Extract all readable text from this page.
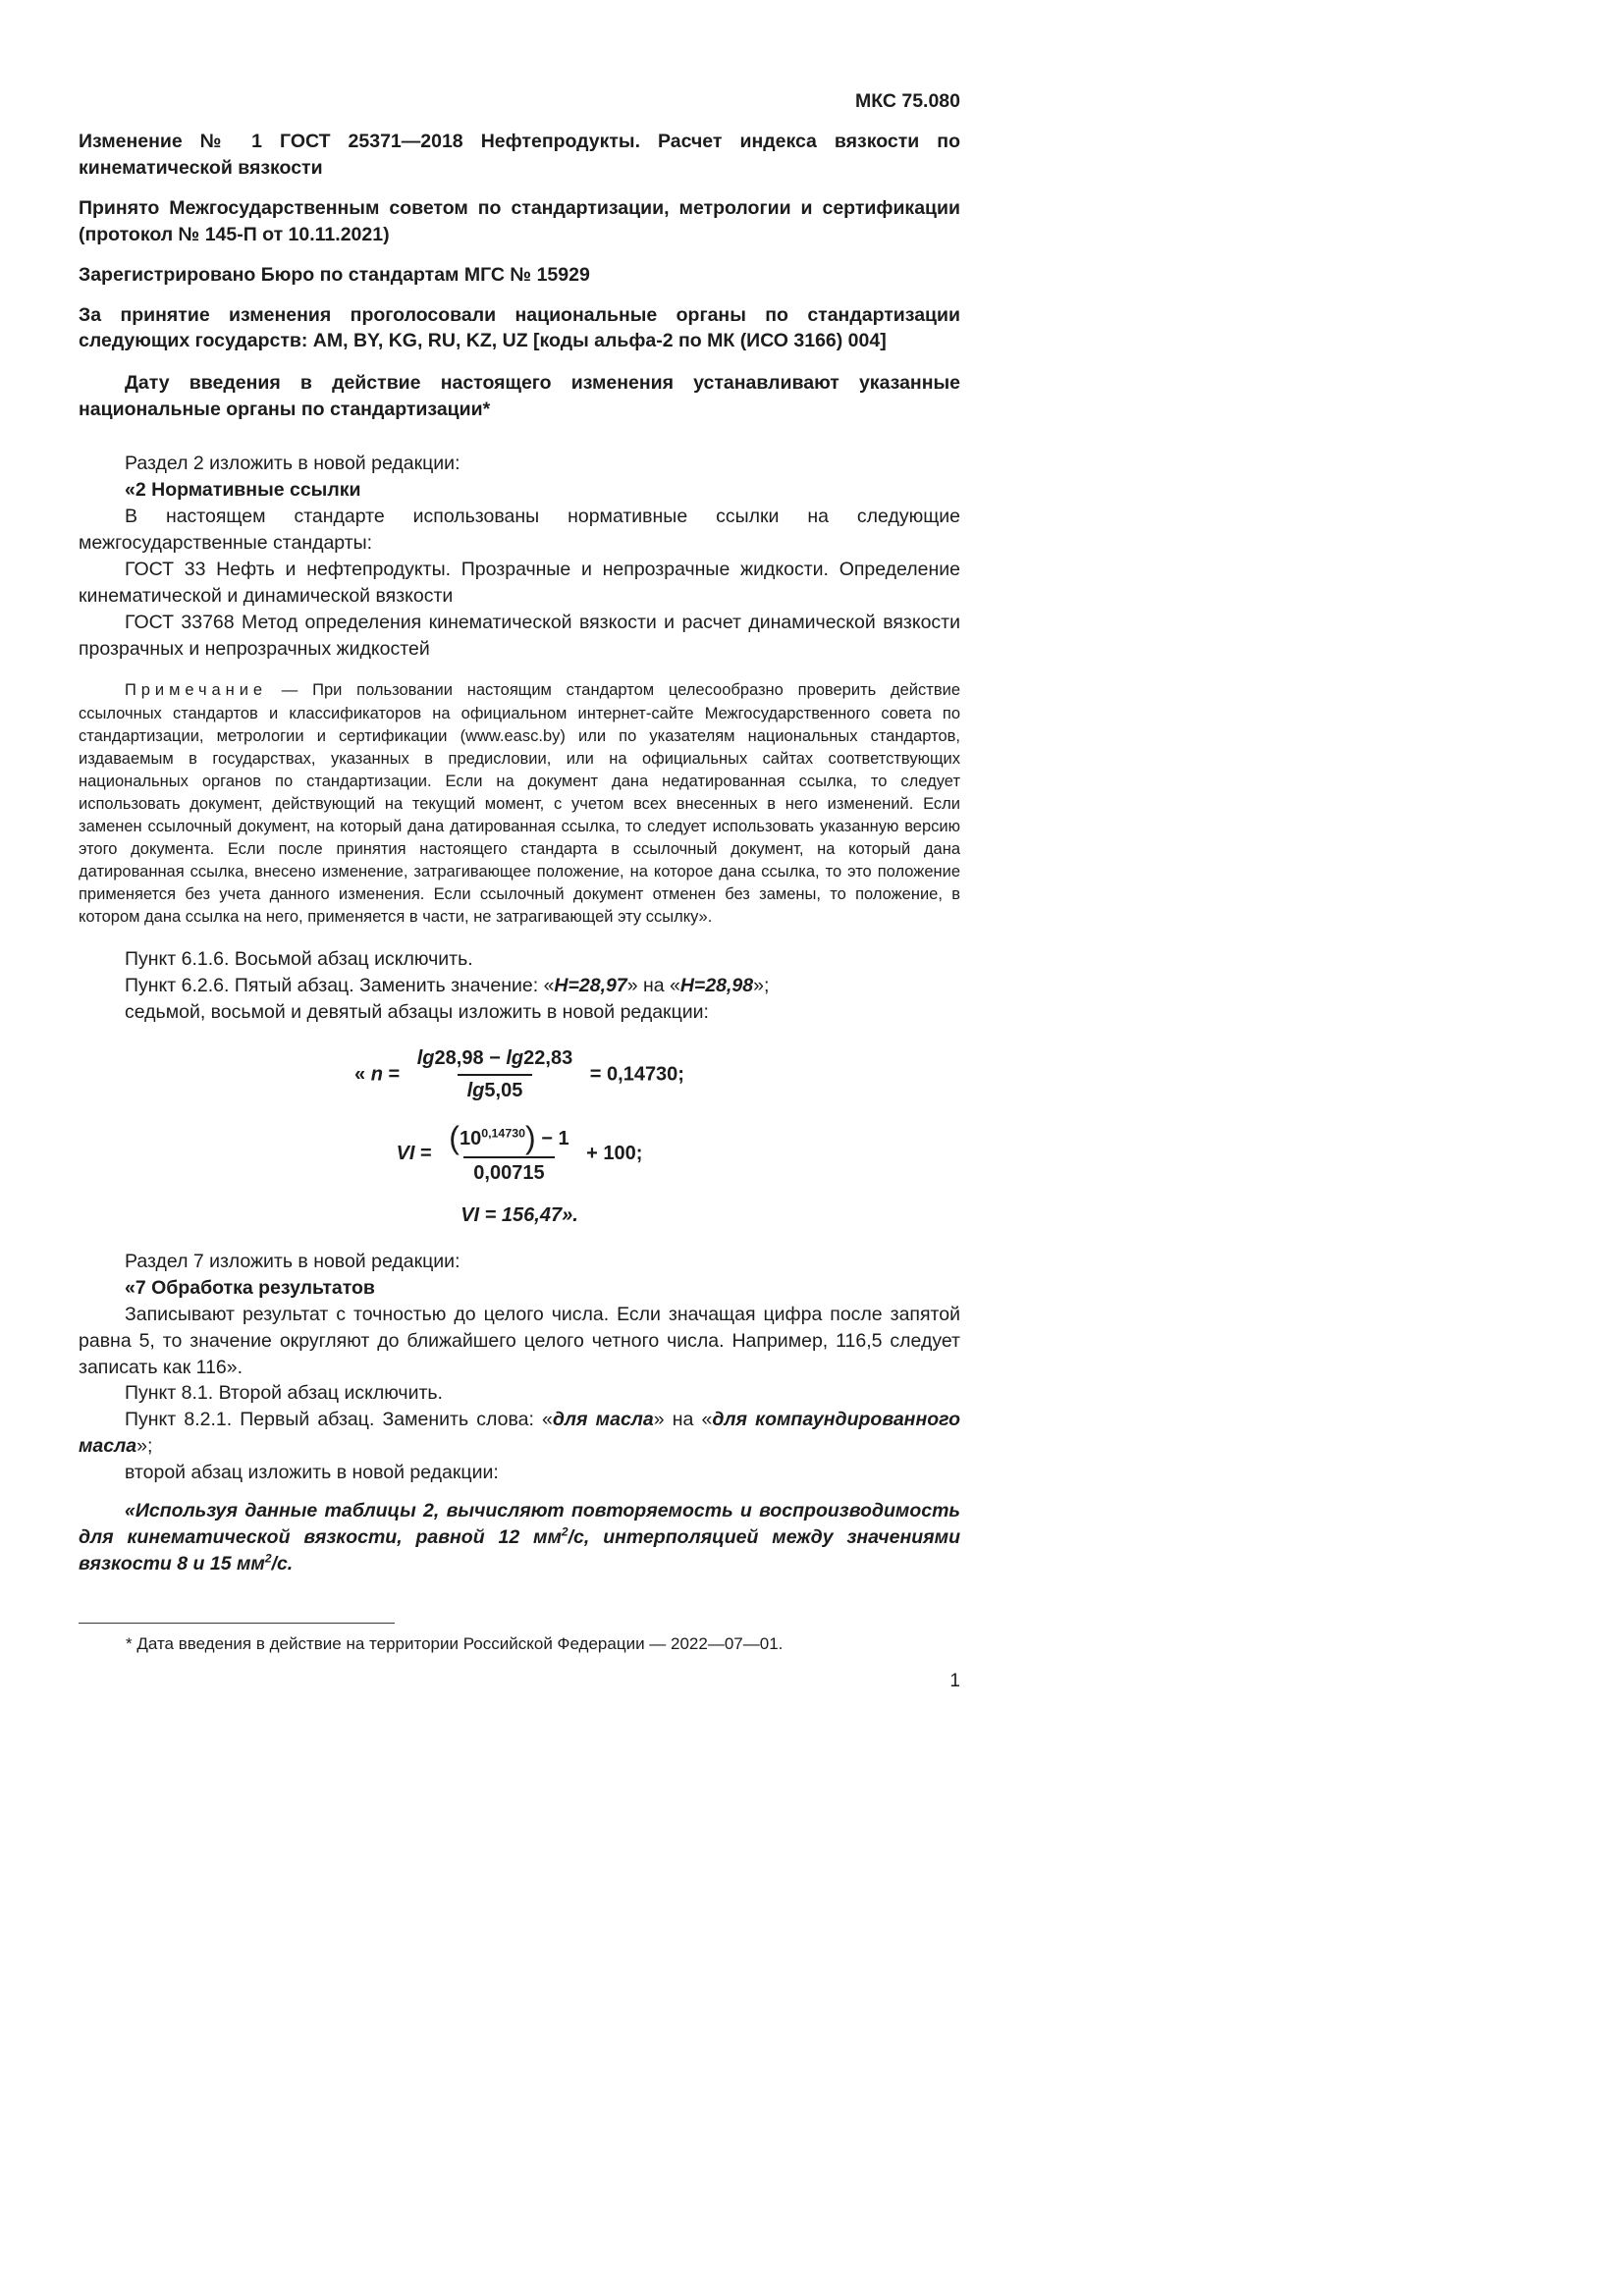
МКС 75.080

Изменение № 1 ГОСТ 25371—2018 Нефтепродукты. Расчет индекса вязкости по кинематической вязкости

Принято Межгосударственным советом по стандартизации, метрологии и сертификации (протокол № 145-П от 10.11.2021)

Зарегистрировано Бюро по стандартам МГС № 15929

За принятие изменения проголосовали национальные органы по стандартизации следующих государств: AM, BY, KG, RU, KZ, UZ [коды альфа-2 по МК (ИСО 3166) 004]

Дату введения в действие настоящего изменения устанавливают указанные национальные органы по стандартизации*

Раздел 2 изложить в новой редакции:

«2 Нормативные ссылки

В настоящем стандарте использованы нормативные ссылки на следующие межгосударственные стандарты:

ГОСТ 33 Нефть и нефтепродукты. Прозрачные и непрозрачные жидкости. Определение кинематической и динамической вязкости

ГОСТ 33768 Метод определения кинематической вязкости и расчет динамической вязкости прозрачных и непрозрачных жидкостей

Примечание — При пользовании настоящим стандартом целесообразно проверить действие ссылочных стандартов и классификаторов на официальном интернет-сайте Межгосударственного совета по стандартизации, метрологии и сертификации (www.easc.by) или по указателям национальных стандартов, издаваемым в государствах, указанных в предисловии, или на официальных сайтах соответствующих национальных органов по стандартизации. Если на документ дана недатированная ссылка, то следует использовать документ, действующий на текущий момент, с учетом всех внесенных в него изменений. Если заменен ссылочный документ, на который дана датированная ссылка, то следует использовать указанную версию этого документа. Если после принятия настоящего стандарта в ссылочный документ, на который дана датированная ссылка, внесено изменение, затрагивающее положение, на которое дана ссылка, то это положение применяется без учета данного изменения. Если ссылочный документ отменен без замены, то положение, в котором дана ссылка на него, применяется в части, не затрагивающей эту ссылку».

Пункт 6.1.6. Восьмой абзац исключить.

Пункт 6.2.6. Пятый абзац. Заменить значение: «Н=28,97» на «Н=28,98»;

седьмой, восьмой и девятый абзацы изложить в новой редакции:

« $n = \frac{\lg 28,98 - \lg 22,83}{\lg 5,05} = 0,14730$;
VI = $\frac{(10^{0,14730}) - 1}{0,00715} + 100$;
VI = 156,47».

Раздел 7 изложить в новой редакции:

«7 Обработка результатов

Записывают результат с точностью до целого числа. Если значащая цифра после запятой равна 5, то значение округляют до ближайшего целого четного числа. Например, 116,5 следует записать как 116».

Пункт 8.1. Второй абзац исключить.

Пункт 8.2.1. Первый абзац. Заменить слова: «для масла» на «для компаундированного масла»;

второй абзац изложить в новой редакции:

«Используя данные таблицы 2, вычисляют повторяемость и воспроизводимость для кинематической вязкости, равной 12 $мм^2/с$, интерполяцией между значениями вязкости 8 и 15 $мм^2/с$.

* Дата введения в действие на территории Российской Федерации — 2022—07—01.

1
